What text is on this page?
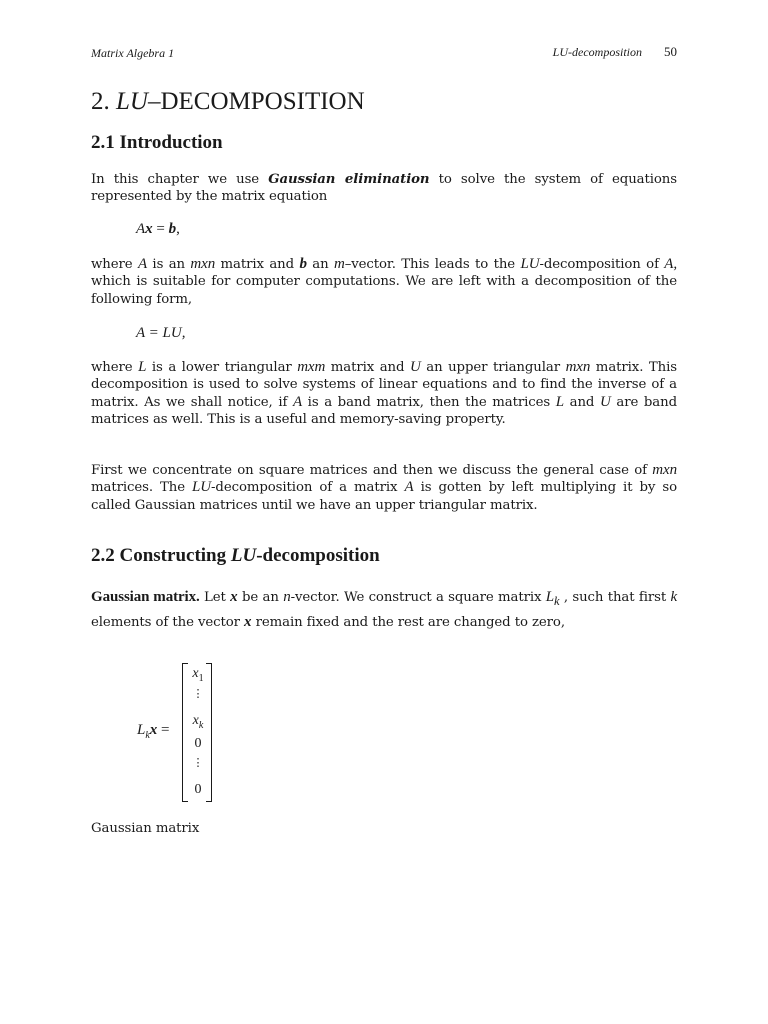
Matrix Algebra 1	LU-decomposition 50
2. LU–DECOMPOSITION
2.1 Introduction

In this chapter we use Gaussian elimination to solve the system of equations represented by the matrix equation

Ax = b,

where A is an mxn matrix and b an m–vector. This leads to the LU-decomposition of A, which is suitable for computer computations. We are left with a decomposition of the following form,

A = LU,

where L is a lower triangular mxm matrix and U an upper triangular mxn matrix. This decomposition is used to solve systems of linear equations and to find the inverse of a matrix. As we shall notice, if A is a band matrix, then the matrices L and U are band matrices as well. This is a useful and memory-saving property.

First we concentrate on square matrices and then we discuss the general case of mxn matrices. The LU-decomposition of a matrix A is gotten by left multiplying it by so called Gaussian matrices until we have an upper triangular matrix.

2.2 Constructing LU-decomposition

Gaussian matrix. Let x be an n-vector. We construct a square matrix $L_k$ , such that first k elements of the vector x remain fixed and the rest are changed to zero,

$L_kx$ =
$x_1$
⋮
$x_k$
0
⋮
0

Gaussian matrix
